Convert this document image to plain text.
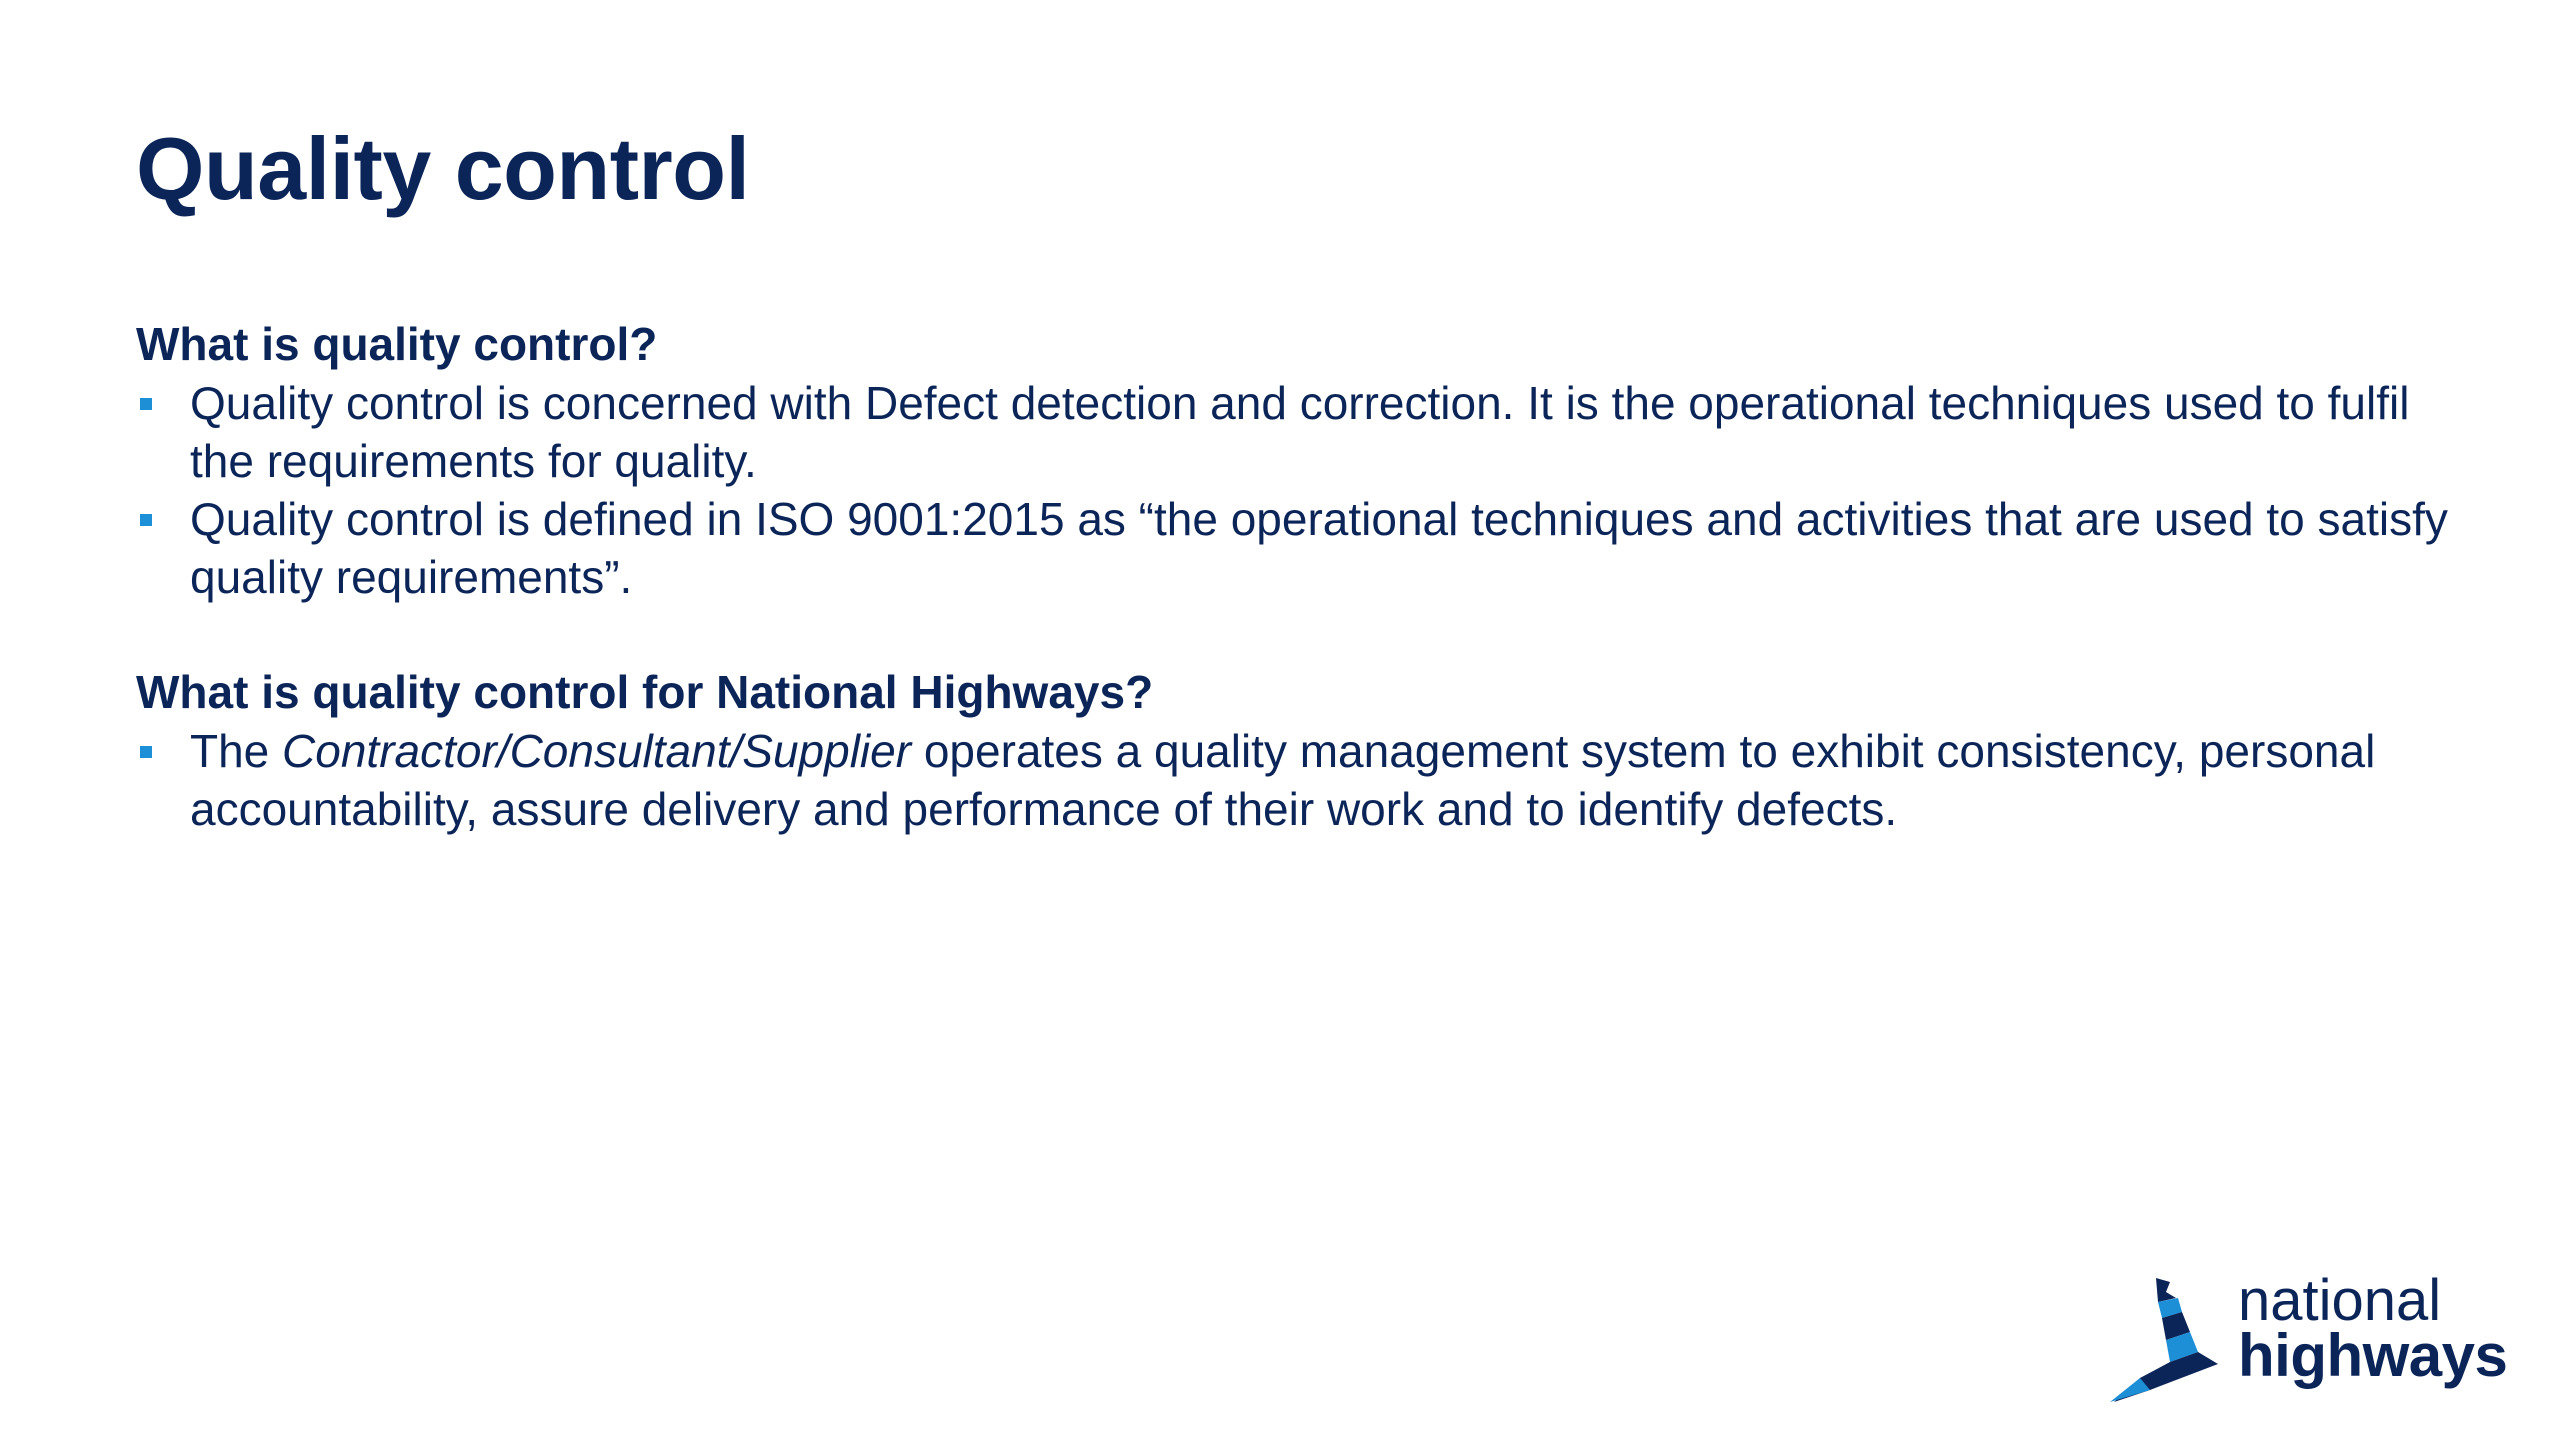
Quality control
What is quality control?
Quality control is concerned with Defect detection and correction. It is the operational techniques used to fulfil the requirements for quality.
Quality control is defined in ISO 9001:2015 as “the operational techniques and activities that are used to satisfy quality requirements”.
What is quality control for National Highways?
The Contractor/Consultant/Supplier operates a quality management system to exhibit consistency, personal accountability, assure delivery and performance of their work and to identify defects.
national
highways
